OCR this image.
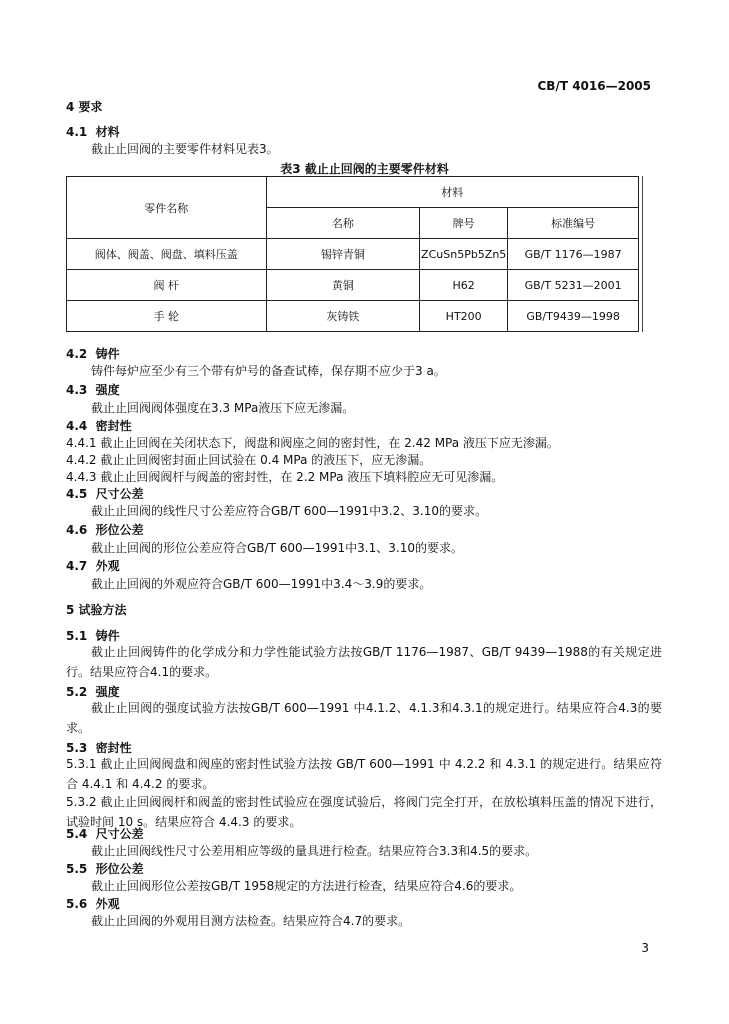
CB/T 4016—2005
4 要求
4.1 材料
截止止回阀的主要零件材料见表3。
表3 截止止回阀的主要零件材料
零件名称	材料		
	名称	牌号	标准编号
阀体、阀盖、阀盘、填料压盖	锡锌青铜	ZCuSn5Pb5Zn5	GB/T 1176—1987
阀 杆	黄铜	H62	GB/T 5231—2001
手 轮	灰铸铁	HT200	GB/T9439—1998
4.2 铸件
铸件每炉应至少有三个带有炉号的备查试棒，保存期不应少于3 a。
4.3 强度
截止止回阀阀体强度在3.3 MPa液压下应无渗漏。
4.4 密封性
4.4.1 截止止回阀在关闭状态下，阀盘和阀座之间的密封性，在 2.42 MPa 液压下应无渗漏。
4.4.2 截止止回阀密封面止回试验在 0.4 MPa 的液压下，应无渗漏。
4.4.3 截止止回阀阀杆与阀盖的密封性，在 2.2 MPa 液压下填料腔应无可见渗漏。
4.5 尺寸公差
截止止回阀的线性尺寸公差应符合GB/T 600—1991中3.2、3.10的要求。
4.6 形位公差
截止止回阀的形位公差应符合GB/T 600—1991中3.1、3.10的要求。
4.7 外观
截止止回阀的外观应符合GB/T 600—1991中3.4～3.9的要求。
5 试验方法
5.1 铸件
截止止回阀铸件的化学成分和力学性能试验方法按GB/T 1176—1987、GB/T 9439—1988的有关规定进行。结果应符合4.1的要求。
5.2 强度
截止止回阀的强度试验方法按GB/T 600—1991 中4.1.2、4.1.3和4.3.1的规定进行。结果应符合4.3的要求。
5.3 密封性
5.3.1 截止止回阀阀盘和阀座的密封性试验方法按 GB/T 600—1991 中 4.2.2 和 4.3.1 的规定进行。结果应符合 4.4.1 和 4.4.2 的要求。
5.3.2 截止止回阀阀杆和阀盖的密封性试验应在强度试验后，将阀门完全打开，在放松填料压盖的情况下进行，试验时间 10 s。结果应符合 4.4.3 的要求。
5.4 尺寸公差
截止止回阀线性尺寸公差用相应等级的量具进行检查。结果应符合3.3和4.5的要求。
5.5 形位公差
截止止回阀形位公差按GB/T 1958规定的方法进行检查，结果应符合4.6的要求。
5.6 外观
截止止回阀的外观用目测方法检查。结果应符合4.7的要求。
3
